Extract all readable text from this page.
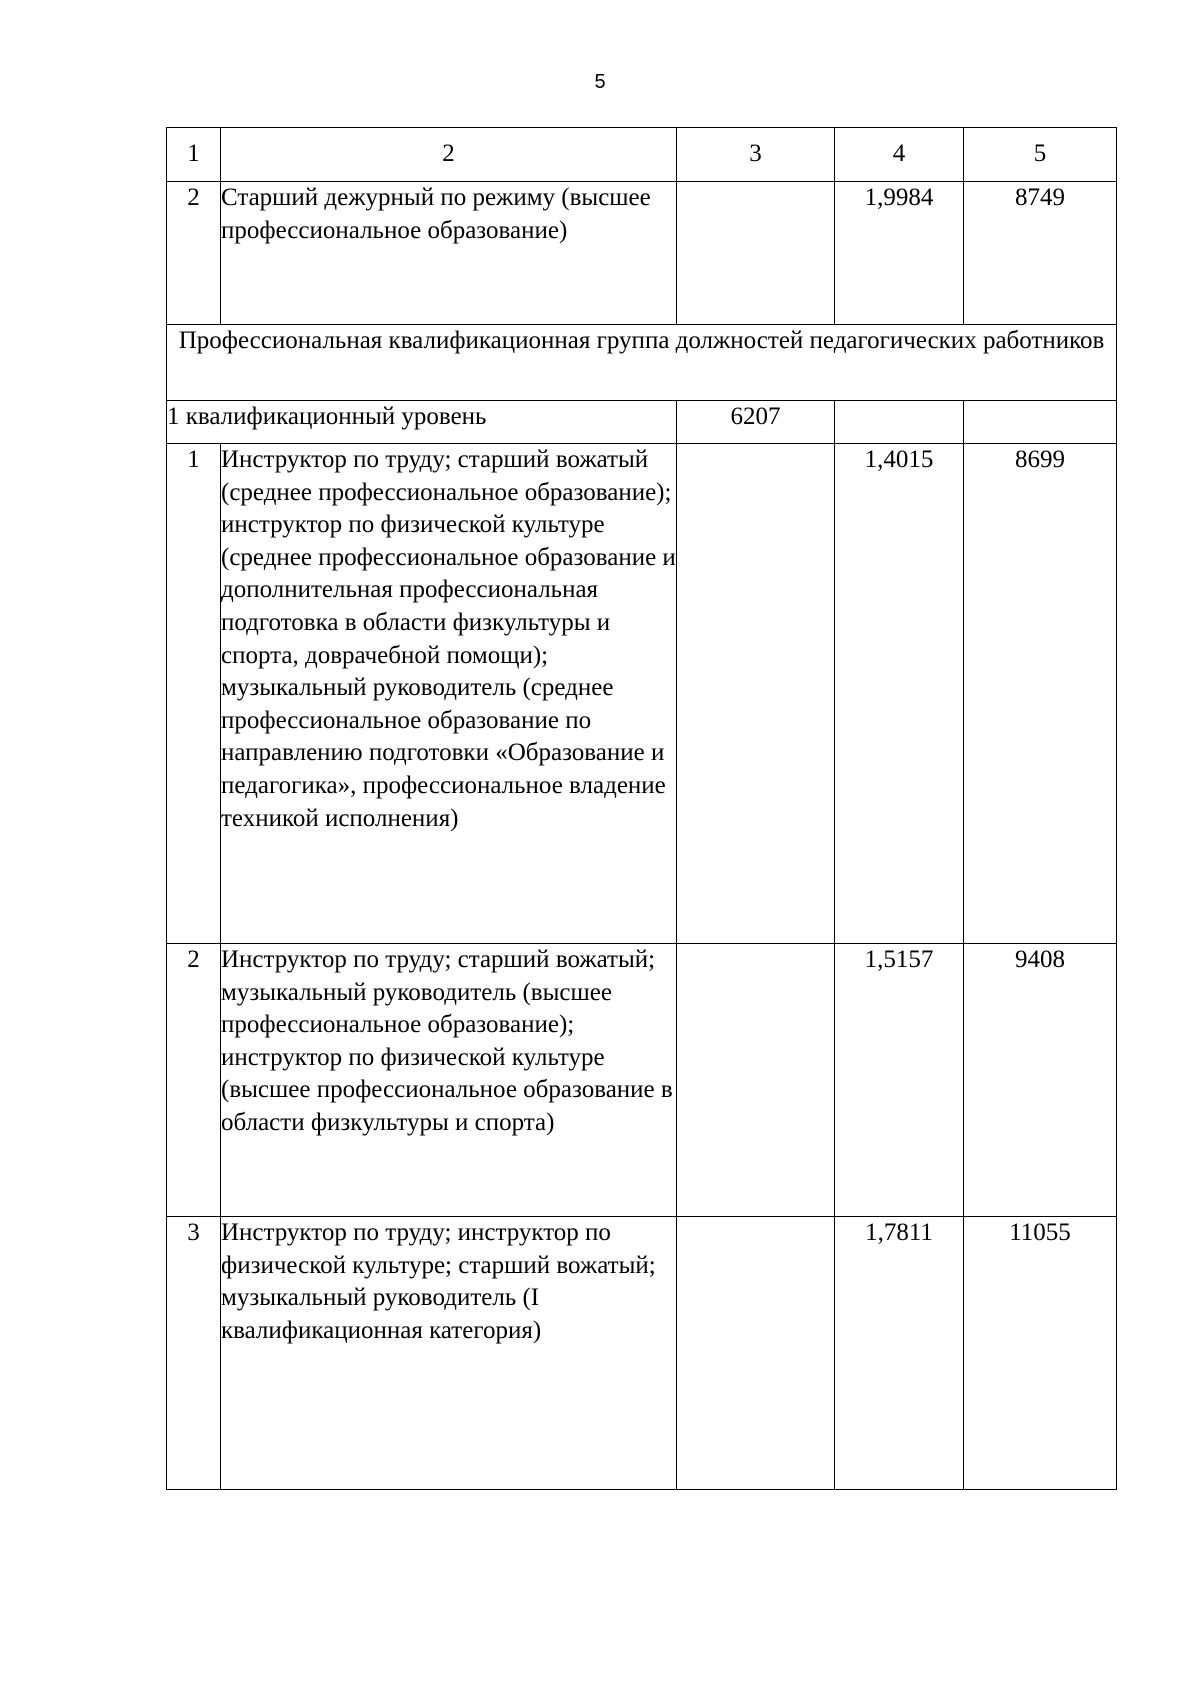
5
1	2	3	4	5
2	Старший дежурный по режиму (высшее профессиональное образование)		1,9984	8749
Профессиональная квалификационная группа должностей педагогических работников				
1 квалификационный уровень		6207		
1	Инструктор по труду; старший вожатый (среднее профессиональное образование); инструктор по физической культуре (среднее профессиональное образование и дополнительная профессиональная подготовка в области физкультуры и спорта, доврачебной помощи); музыкальный руководитель (среднее профессиональное образование по направлению подготовки «Образование и педагогика», профессиональное владение техникой исполнения)		1,4015	8699
2	Инструктор по труду; старший вожатый; музыкальный руководитель (высшее профессиональное образование); инструктор по физической культуре (высшее профессиональное образование в области физкультуры и спорта)		1,5157	9408
3	Инструктор по труду; инструктор по физической культуре; старший вожатый; музыкальный руководитель (I квалификационная категория)		1,7811	11055
